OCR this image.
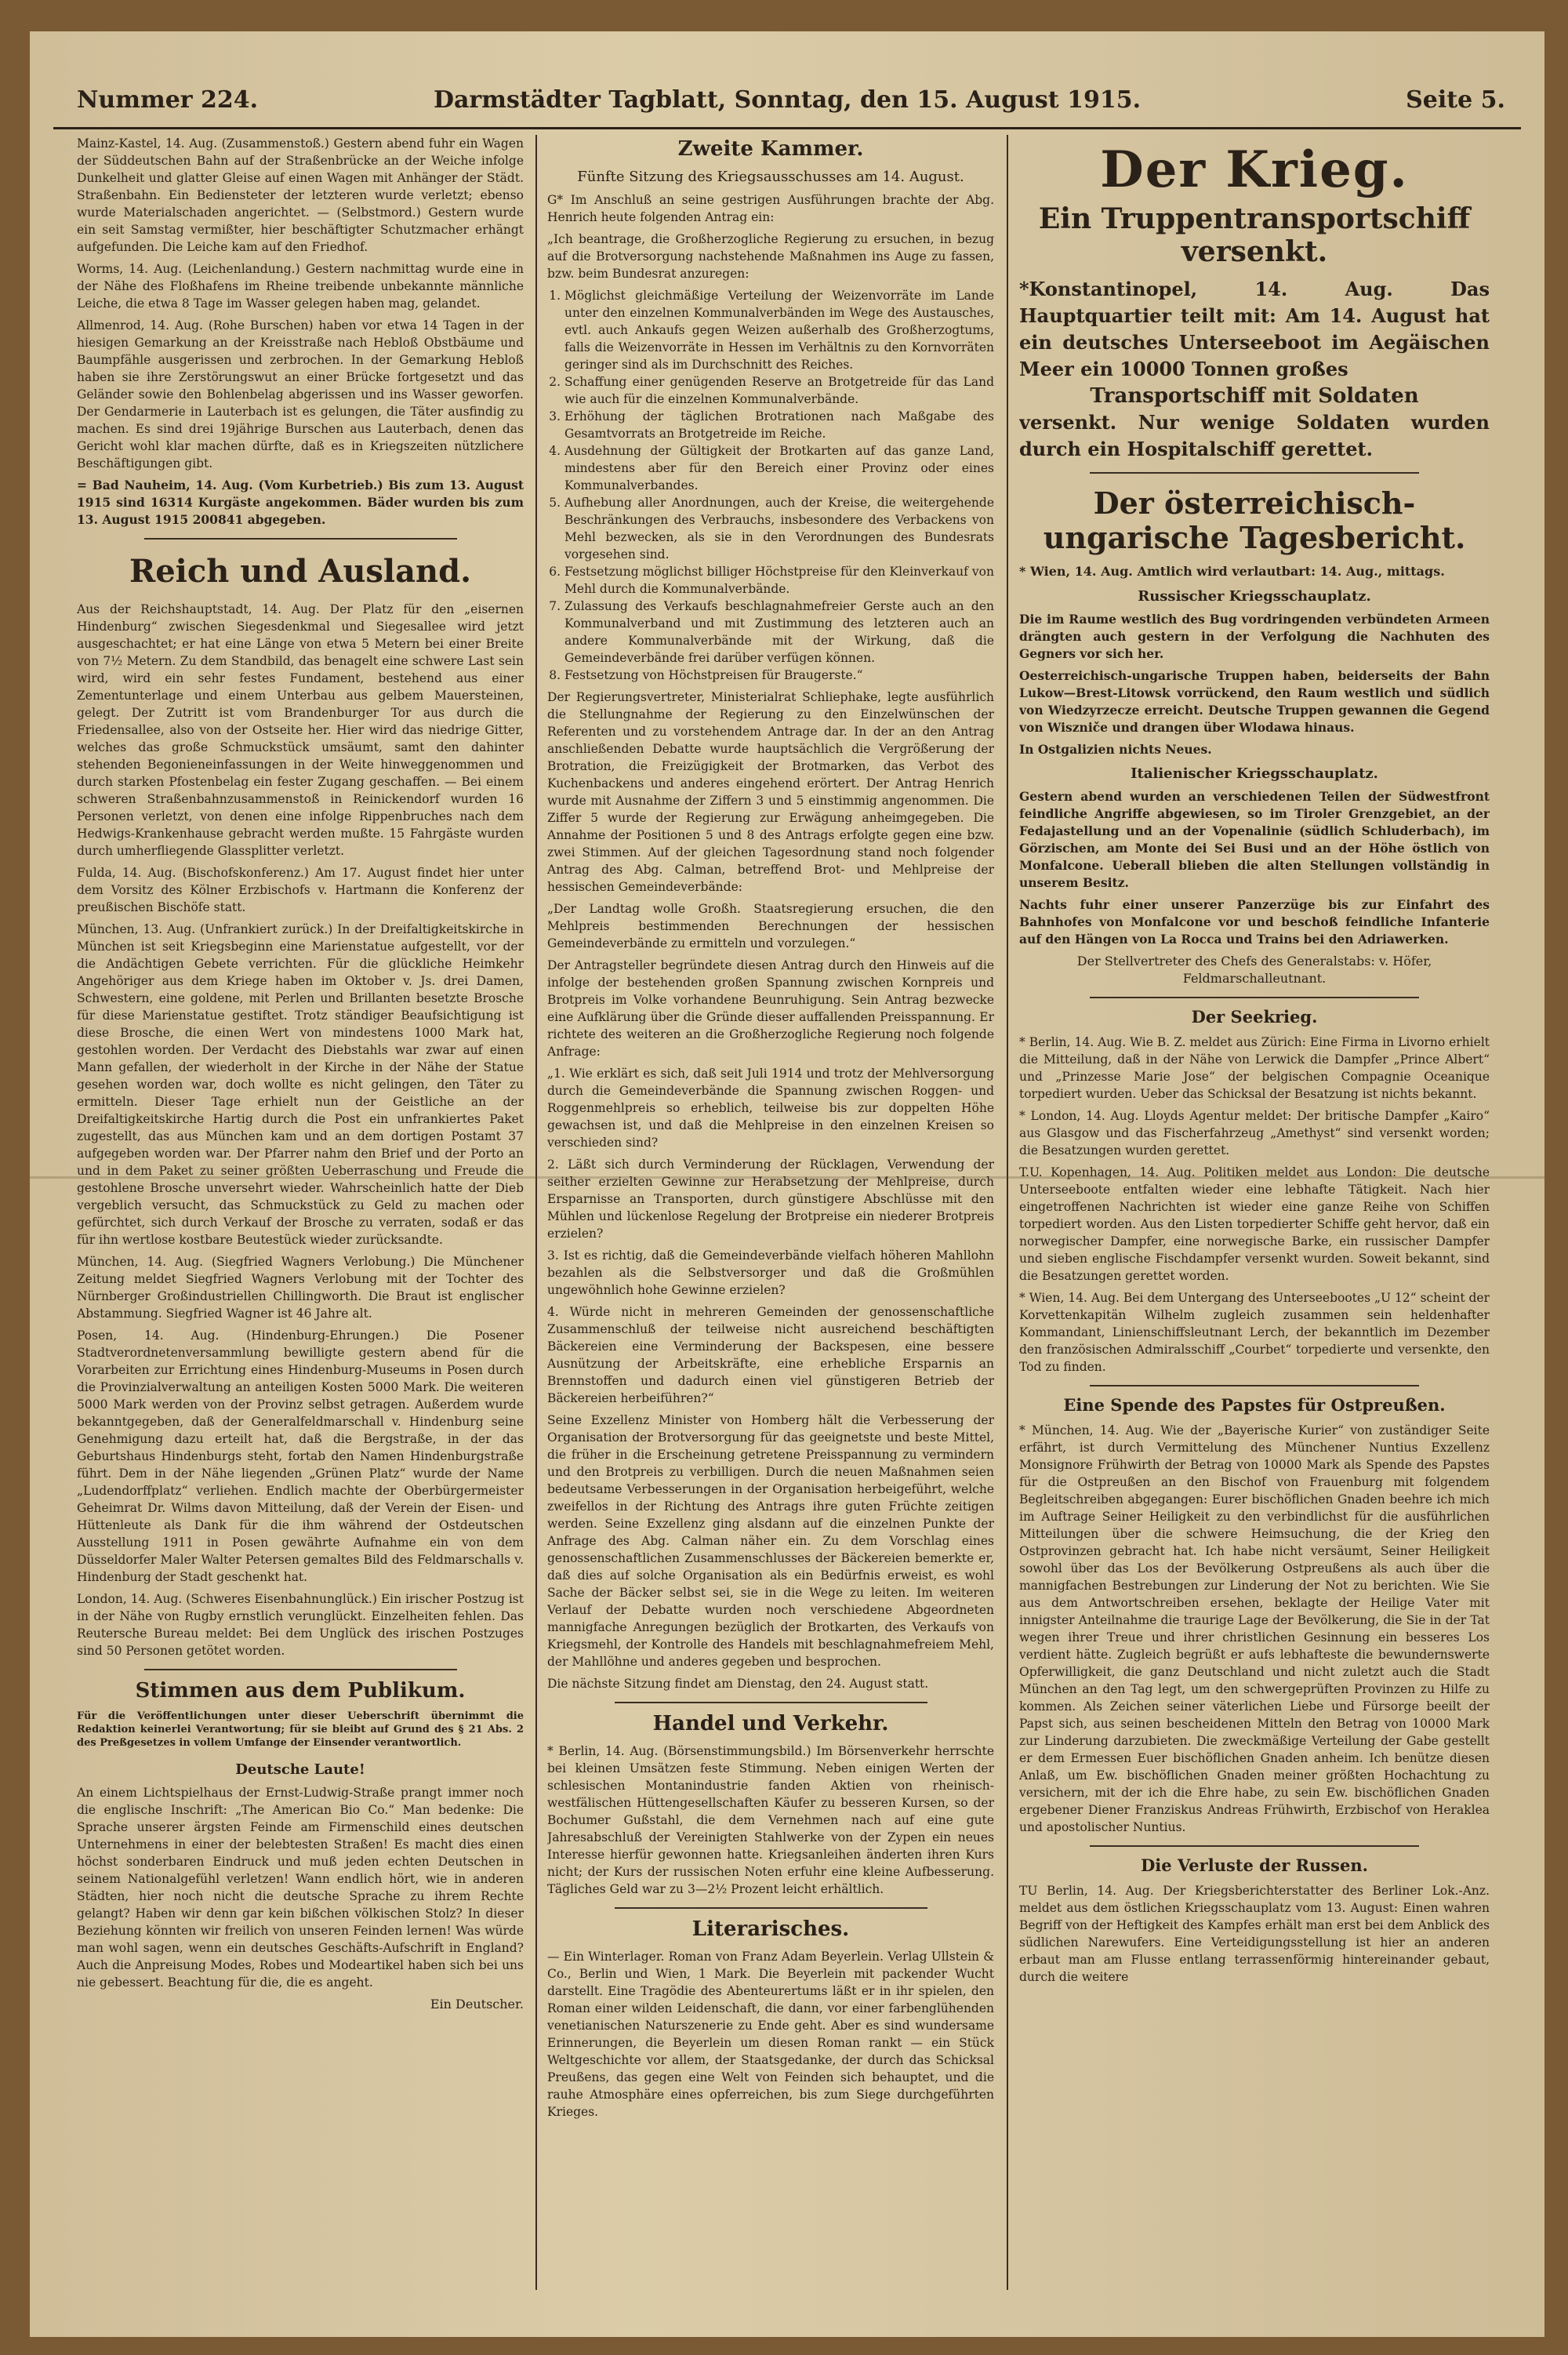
Nummer 224.	Darmstädter Tagblatt, Sonntag, den 15. August 1915.	Seite 5.

Mainz-Kastel, 14. Aug. (Zusammenstoß.) Gestern abend fuhr ein Wagen der Süddeutschen Bahn auf der Straßenbrücke an der Weiche infolge Dunkelheit und glatter Gleise auf einen Wagen mit Anhänger der Städt. Straßenbahn. Ein Bediensteter der letzteren wurde verletzt; ebenso wurde Materialschaden angerichtet. — (Selbstmord.) Gestern wurde ein seit Samstag vermißter, hier beschäftigter Schutzmacher erhängt aufgefunden. Die Leiche kam auf den Friedhof.

Worms, 14. Aug. (Leichenlandung.) Gestern nachmittag wurde eine in der Nähe des Floßhafens im Rheine treibende unbekannte männliche Leiche, die etwa 8 Tage im Wasser gelegen haben mag, gelandet.

Allmenrod, 14. Aug. (Rohe Burschen) haben vor etwa 14 Tagen in der hiesigen Gemarkung an der Kreisstraße nach Hebloß Obstbäume und Baumpfähle ausgerissen und zerbrochen. In der Gemarkung Hebloß haben sie ihre Zerstörungswut an einer Brücke fortgesetzt und das Geländer sowie den Bohlenbelag abgerissen und ins Wasser geworfen. Der Gendarmerie in Lauterbach ist es gelungen, die Täter ausfindig zu machen. Es sind drei 19jährige Burschen aus Lauterbach, denen das Gericht wohl klar machen dürfte, daß es in Kriegszeiten nützlichere Beschäftigungen gibt.

= Bad Nauheim, 14. Aug. (Vom Kurbetrieb.) Bis zum 13. August 1915 sind 16314 Kurgäste angekommen. Bäder wurden bis zum 13. August 1915 200841 abgegeben.

Reich und Ausland.

Aus der Reichshauptstadt, 14. Aug. Der Platz für den „eisernen Hindenburg“ zwischen Siegesdenkmal und Siegesallee wird jetzt ausgeschachtet; er hat eine Länge von etwa 5 Metern bei einer Breite von 7½ Metern. Zu dem Standbild, das benagelt eine schwere Last sein wird, wird ein sehr festes Fundament, bestehend aus einer Zementunterlage und einem Unterbau aus gelbem Mauersteinen, gelegt. Der Zutritt ist vom Brandenburger Tor aus durch die Friedensallee, also von der Ostseite her. Hier wird das niedrige Gitter, welches das große Schmuckstück umsäumt, samt den dahinter stehenden Begonieneinfassungen in der Weite hinweggenommen und durch starken Pfostenbelag ein fester Zugang geschaffen. — Bei einem schweren Straßenbahnzusammenstoß in Reinickendorf wurden 16 Personen verletzt, von denen eine infolge Rippenbruches nach dem Hedwigs-Krankenhause gebracht werden mußte. 15 Fahrgäste wurden durch umherfliegende Glassplitter verletzt.

Fulda, 14. Aug. (Bischofskonferenz.) Am 17. August findet hier unter dem Vorsitz des Kölner Erzbischofs v. Hartmann die Konferenz der preußischen Bischöfe statt.

München, 13. Aug. (Unfrankiert zurück.) In der Dreifaltigkeitskirche in München ist seit Kriegsbeginn eine Marienstatue aufgestellt, vor der die Andächtigen Gebete verrichten. Für die glückliche Heimkehr Angehöriger aus dem Kriege haben im Oktober v. Js. drei Damen, Schwestern, eine goldene, mit Perlen und Brillanten besetzte Brosche für diese Marienstatue gestiftet. Trotz ständiger Beaufsichtigung ist diese Brosche, die einen Wert von mindestens 1000 Mark hat, gestohlen worden. Der Verdacht des Diebstahls war zwar auf einen Mann gefallen, der wiederholt in der Kirche in der Nähe der Statue gesehen worden war, doch wollte es nicht gelingen, den Täter zu ermitteln. Dieser Tage erhielt nun der Geistliche an der Dreifaltigkeitskirche Hartig durch die Post ein unfrankiertes Paket zugestellt, das aus München kam und an dem dortigen Postamt 37 aufgegeben worden war. Der Pfarrer nahm den Brief und der Porto an und in dem Paket zu seiner größten Ueberraschung und Freude die gestohlene Brosche unversehrt wieder. Wahrscheinlich hatte der Dieb vergeblich versucht, das Schmuckstück zu Geld zu machen oder gefürchtet, sich durch Verkauf der Brosche zu verraten, sodaß er das für ihn wertlose kostbare Beutestück wieder zurücksandte.

München, 14. Aug. (Siegfried Wagners Verlobung.) Die Münchener Zeitung meldet Siegfried Wagners Verlobung mit der Tochter des Nürnberger Großindustriellen Chillingworth. Die Braut ist englischer Abstammung. Siegfried Wagner ist 46 Jahre alt.

Posen, 14. Aug. (Hindenburg-Ehrungen.) Die Posener Stadtverordnetenversammlung bewilligte gestern abend für die Vorarbeiten zur Errichtung eines Hindenburg-Museums in Posen durch die Provinzialverwaltung an anteiligen Kosten 5000 Mark. Die weiteren 5000 Mark werden von der Provinz selbst getragen. Außerdem wurde bekanntgegeben, daß der Generalfeldmarschall v. Hindenburg seine Genehmigung dazu erteilt hat, daß die Bergstraße, in der das Geburtshaus Hindenburgs steht, fortab den Namen Hindenburgstraße führt. Dem in der Nähe liegenden „Grünen Platz“ wurde der Name „Ludendorffplatz“ verliehen. Endlich machte der Oberbürgermeister Geheimrat Dr. Wilms davon Mitteilung, daß der Verein der Eisen- und Hüttenleute als Dank für die ihm während der Ostdeutschen Ausstellung 1911 in Posen gewährte Aufnahme ein von dem Düsseldorfer Maler Walter Petersen gemaltes Bild des Feldmarschalls v. Hindenburg der Stadt geschenkt hat.

London, 14. Aug. (Schweres Eisenbahnunglück.) Ein irischer Postzug ist in der Nähe von Rugby ernstlich verunglückt. Einzelheiten fehlen. Das Reutersche Bureau meldet: Bei dem Unglück des irischen Postzuges sind 50 Personen getötet worden.

Stimmen aus dem Publikum.

Für die Veröffentlichungen unter dieser Ueberschrift übernimmt die Redaktion keinerlei Verantwortung; für sie bleibt auf Grund des § 21 Abs. 2 des Preßgesetzes in vollem Umfange der Einsender verantwortlich.

Deutsche Laute!

An einem Lichtspielhaus der Ernst-Ludwig-Straße prangt immer noch die englische Inschrift: „The American Bio Co.“ Man bedenke: Die Sprache unserer ärgsten Feinde am Firmenschild eines deutschen Unternehmens in einer der belebtesten Straßen! Es macht dies einen höchst sonderbaren Eindruck und muß jeden echten Deutschen in seinem Nationalgefühl verletzen! Wann endlich hört, wie in anderen Städten, hier noch nicht die deutsche Sprache zu ihrem Rechte gelangt? Haben wir denn gar kein bißchen völkischen Stolz? In dieser Beziehung könnten wir freilich von unseren Feinden lernen! Was würde man wohl sagen, wenn ein deutsches Geschäfts-Aufschrift in England? Auch die Anpreisung Modes, Robes und Modeartikel haben sich bei uns nie gebessert. Beachtung für die, die es angeht.

Ein Deutscher.
Zweite Kammer.
Fünfte Sitzung des Kriegsausschusses am 14. August.

G* Im Anschluß an seine gestrigen Ausführungen brachte der Abg. Henrich heute folgenden Antrag ein:

„Ich beantrage, die Großherzogliche Regierung zu ersuchen, in bezug auf die Brotversorgung nachstehende Maßnahmen ins Auge zu fassen, bzw. beim Bundesrat anzuregen:

1. Möglichst gleichmäßige Verteilung der Weizenvorräte im Lande unter den einzelnen Kommunalverbänden im Wege des Austausches, evtl. auch Ankaufs gegen Weizen außerhalb des Großherzogtums, falls die Weizenvorräte in Hessen im Verhältnis zu den Kornvorräten geringer sind als im Durchschnitt des Reiches.
2. Schaffung einer genügenden Reserve an Brotgetreide für das Land wie auch für die einzelnen Kommunalverbände.
3. Erhöhung der täglichen Brotrationen nach Maßgabe des Gesamtvorrats an Brotgetreide im Reiche.
4. Ausdehnung der Gültigkeit der Brotkarten auf das ganze Land, mindestens aber für den Bereich einer Provinz oder eines Kommunalverbandes.
5. Aufhebung aller Anordnungen, auch der Kreise, die weitergehende Beschränkungen des Verbrauchs, insbesondere des Verbackens von Mehl bezwecken, als sie in den Verordnungen des Bundesrats vorgesehen sind.
6. Festsetzung möglichst billiger Höchstpreise für den Kleinverkauf von Mehl durch die Kommunalverbände.
7. Zulassung des Verkaufs beschlagnahmefreier Gerste auch an den Kommunalverband und mit Zustimmung des letzteren auch an andere Kommunalverbände mit der Wirkung, daß die Gemeindeverbände frei darüber verfügen können.
8. Festsetzung von Höchstpreisen für Braugerste.“

Der Regierungsvertreter, Ministerialrat Schliephake, legte ausführlich die Stellungnahme der Regierung zu den Einzelwünschen der Referenten und zu vorstehendem Antrage dar. In der an den Antrag anschließenden Debatte wurde hauptsächlich die Vergrößerung der Brotration, die Freizügigkeit der Brotmarken, das Verbot des Kuchenbackens und anderes eingehend erörtert. Der Antrag Henrich wurde mit Ausnahme der Ziffern 3 und 5 einstimmig angenommen. Die Ziffer 5 wurde der Regierung zur Erwägung anheimgegeben. Die Annahme der Positionen 5 und 8 des Antrags erfolgte gegen eine bzw. zwei Stimmen. Auf der gleichen Tagesordnung stand noch folgender Antrag des Abg. Calman, betreffend Brot- und Mehlpreise der hessischen Gemeindeverbände:

„Der Landtag wolle Großh. Staatsregierung ersuchen, die den Mehlpreis bestimmenden Berechnungen der hessischen Gemeindeverbände zu ermitteln und vorzulegen.“

Der Antragsteller begründete diesen Antrag durch den Hinweis auf die infolge der bestehenden großen Spannung zwischen Kornpreis und Brotpreis im Volke vorhandene Beunruhigung. Sein Antrag bezwecke eine Aufklärung über die Gründe dieser auffallenden Preisspannung. Er richtete des weiteren an die Großherzogliche Regierung noch folgende Anfrage:

„1. Wie erklärt es sich, daß seit Juli 1914 und trotz der Mehlversorgung durch die Gemeindeverbände die Spannung zwischen Roggen- und Roggenmehlpreis so erheblich, teilweise bis zur doppelten Höhe gewachsen ist, und daß die Mehlpreise in den einzelnen Kreisen so verschieden sind?

2. Läßt sich durch Verminderung der Rücklagen, Verwendung der seither erzielten Gewinne zur Herabsetzung der Mehlpreise, durch Ersparnisse an Transporten, durch günstigere Abschlüsse mit den Mühlen und lückenlose Regelung der Brotpreise ein niederer Brotpreis erzielen?

3. Ist es richtig, daß die Gemeindeverbände vielfach höheren Mahllohn bezahlen als die Selbstversorger und daß die Großmühlen ungewöhnlich hohe Gewinne erzielen?

4. Würde nicht in mehreren Gemeinden der genossenschaftliche Zusammenschluß der teilweise nicht ausreichend beschäftigten Bäckereien eine Verminderung der Backspesen, eine bessere Ausnützung der Arbeitskräfte, eine erhebliche Ersparnis an Brennstoffen und dadurch einen viel günstigeren Betrieb der Bäckereien herbeiführen?“

Seine Exzellenz Minister von Homberg hält die Verbesserung der Organisation der Brotversorgung für das geeignetste und beste Mittel, die früher in die Erscheinung getretene Preisspannung zu vermindern und den Brotpreis zu verbilligen. Durch die neuen Maßnahmen seien bedeutsame Verbesserungen in der Organisation herbeigeführt, welche zweifellos in der Richtung des Antrags ihre guten Früchte zeitigen werden. Seine Exzellenz ging alsdann auf die einzelnen Punkte der Anfrage des Abg. Calman näher ein. Zu dem Vorschlag eines genossenschaftlichen Zusammenschlusses der Bäckereien bemerkte er, daß dies auf solche Organisation als ein Bedürfnis erweist, es wohl Sache der Bäcker selbst sei, sie in die Wege zu leiten. Im weiteren Verlauf der Debatte wurden noch verschiedene Abgeordneten mannigfache Anregungen bezüglich der Brotkarten, des Verkaufs von Kriegsmehl, der Kontrolle des Handels mit beschlagnahmefreiem Mehl, der Mahllöhne und anderes gegeben und besprochen.

Die nächste Sitzung findet am Dienstag, den 24. August statt.

Handel und Verkehr.

* Berlin, 14. Aug. (Börsenstimmungsbild.) Im Börsenverkehr herrschte bei kleinen Umsätzen feste Stimmung. Neben einigen Werten der schlesischen Montanindustrie fanden Aktien von rheinisch-westfälischen Hüttengesellschaften Käufer zu besseren Kursen, so der Bochumer Gußstahl, die dem Vernehmen nach auf eine gute Jahresabschluß der Vereinigten Stahlwerke von der Zypen ein neues Interesse hierfür gewonnen hatte. Kriegsanleihen änderten ihren Kurs nicht; der Kurs der russischen Noten erfuhr eine kleine Aufbesserung. Tägliches Geld war zu 3—2½ Prozent leicht erhältlich.

Literarisches.

— Ein Winterlager. Roman von Franz Adam Beyerlein. Verlag Ullstein & Co., Berlin und Wien, 1 Mark. Die Beyerlein mit packender Wucht darstellt. Eine Tragödie des Abenteurertums läßt er in ihr spielen, den Roman einer wilden Leidenschaft, die dann, vor einer farbenglühenden venetianischen Naturszenerie zu Ende geht. Aber es sind wundersame Erinnerungen, die Beyerlein um diesen Roman rankt — ein Stück Weltgeschichte vor allem, der Staatsgedanke, der durch das Schicksal Preußens, das gegen eine Welt von Feinden sich behauptet, und die rauhe Atmosphäre eines opferreichen, bis zum Siege durchgeführten Krieges.

Der Krieg.
Ein Truppentransportschiff versenkt.

*Konstantinopel, 14. Aug. Das Hauptquartier teilt mit: Am 14. August hat ein deutsches Unterseeboot im Aegäischen Meer ein 10000 Tonnen großes
Transportschiff mit Soldaten
versenkt. Nur wenige Soldaten wurden durch ein Hospitalschiff gerettet.

Der österreichisch-ungarische Tagesbericht.

* Wien, 14. Aug. Amtlich wird verlautbart: 14. Aug., mittags.

Russischer Kriegsschauplatz.

Die im Raume westlich des Bug vordringenden verbündeten Armeen drängten auch gestern in der Verfolgung die Nachhuten des Gegners vor sich her.

Oesterreichisch-ungarische Truppen haben, beiderseits der Bahn Lukow—Brest-Litowsk vorrückend, den Raum westlich und südlich von Wiedzyrzecze erreicht. Deutsche Truppen gewannen die Gegend von Wiszniče und drangen über Wlodawa hinaus.

In Ostgalizien nichts Neues.

Italienischer Kriegsschauplatz.

Gestern abend wurden an verschiedenen Teilen der Südwestfront feindliche Angriffe abgewiesen, so im Tiroler Grenzgebiet, an der Fedajastellung und an der Vopenalinie (südlich Schluderbach), im Görzischen, am Monte dei Sei Busi und an der Höhe östlich von Monfalcone. Ueberall blieben die alten Stellungen vollständig in unserem Besitz.

Nachts fuhr einer unserer Panzerzüge bis zur Einfahrt des Bahnhofes von Monfalcone vor und beschoß feindliche Infanterie auf den Hängen von La Rocca und Trains bei den Adriawerken.

Der Stellvertreter des Chefs des Generalstabs: v. Höfer, Feldmarschalleutnant.
Der Seekrieg.

* Berlin, 14. Aug. Wie B. Z. meldet aus Zürich: Eine Firma in Livorno erhielt die Mitteilung, daß in der Nähe von Lerwick die Dampfer „Prince Albert“ und „Prinzesse Marie Jose“ der belgischen Compagnie Oceanique torpediert wurden. Ueber das Schicksal der Besatzung ist nichts bekannt.

* London, 14. Aug. Lloyds Agentur meldet: Der britische Dampfer „Kairo“ aus Glasgow und das Fischerfahrzeug „Amethyst“ sind versenkt worden; die Besatzungen wurden gerettet.

T.U. Kopenhagen, 14. Aug. Politiken meldet aus London: Die deutsche Unterseeboote entfalten wieder eine lebhafte Tätigkeit. Nach hier eingetroffenen Nachrichten ist wieder eine ganze Reihe von Schiffen torpediert worden. Aus den Listen torpedierter Schiffe geht hervor, daß ein norwegischer Dampfer, eine norwegische Barke, ein russischer Dampfer und sieben englische Fischdampfer versenkt wurden. Soweit bekannt, sind die Besatzungen gerettet worden.

* Wien, 14. Aug. Bei dem Untergang des Unterseebootes „U 12“ scheint der Korvettenkapitän Wilhelm zugleich zusammen sein heldenhafter Kommandant, Linienschiffsleutnant Lerch, der bekanntlich im Dezember den französischen Admiralsschiff „Courbet“ torpedierte und versenkte, den Tod zu finden.

Eine Spende des Papstes für Ostpreußen.

* München, 14. Aug. Wie der „Bayerische Kurier“ von zuständiger Seite erfährt, ist durch Vermittelung des Münchener Nuntius Exzellenz Monsignore Frühwirth der Betrag von 10000 Mark als Spende des Papstes für die Ostpreußen an den Bischof von Frauenburg mit folgendem Begleitschreiben abgegangen: Eurer bischöflichen Gnaden beehre ich mich im Auftrage Seiner Heiligkeit zu den verbindlichst für die ausführlichen Mitteilungen über die schwere Heimsuchung, die der Krieg den Ostprovinzen gebracht hat. Ich habe nicht versäumt, Seiner Heiligkeit sowohl über das Los der Bevölkerung Ostpreußens als auch über die mannigfachen Bestrebungen zur Linderung der Not zu berichten. Wie Sie aus dem Antwortschreiben ersehen, beklagte der Heilige Vater mit innigster Anteilnahme die traurige Lage der Bevölkerung, die Sie in der Tat wegen ihrer Treue und ihrer christlichen Gesinnung ein besseres Los verdient hätte. Zugleich begrüßt er aufs lebhafteste die bewundernswerte Opferwilligkeit, die ganz Deutschland und nicht zuletzt auch die Stadt München an den Tag legt, um den schwergeprüften Provinzen zu Hilfe zu kommen. Als Zeichen seiner väterlichen Liebe und Fürsorge beeilt der Papst sich, aus seinen bescheidenen Mitteln den Betrag von 10000 Mark zur Linderung darzubieten. Die zweckmäßige Verteilung der Gabe gestellt er dem Ermessen Euer bischöflichen Gnaden anheim. Ich benütze diesen Anlaß, um Ew. bischöflichen Gnaden meiner größten Hochachtung zu versichern, mit der ich die Ehre habe, zu sein Ew. bischöflichen Gnaden ergebener Diener Franziskus Andreas Frühwirth, Erzbischof von Heraklea und apostolischer Nuntius.

Die Verluste der Russen.

TU Berlin, 14. Aug. Der Kriegsberichterstatter des Berliner Lok.-Anz. meldet aus dem östlichen Kriegsschauplatz vom 13. August: Einen wahren Begriff von der Heftigkeit des Kampfes erhält man erst bei dem Anblick des südlichen Narewufers. Eine Verteidigungsstellung ist hier an anderen erbaut man am Flusse entlang terrassenförmig hintereinander gebaut, durch die weitere
